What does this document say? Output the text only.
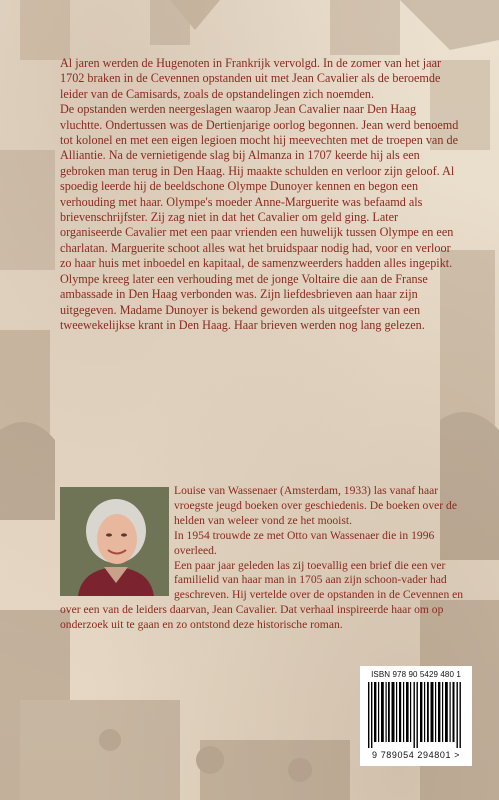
Al jaren werden de Hugenoten in Frankrijk vervolgd. In de zomer van het jaar 1702 braken in de Cevennen opstanden uit met Jean Cavalier als de beroemde leider van de Camisards, zoals de opstandelingen zich noemden.

De opstanden werden neergeslagen waarop Jean Cavalier naar Den Haag vluchtte. Ondertussen was de Dertienjarige oorlog begonnen. Jean werd benoemd tot kolonel en met een eigen legioen mocht hij meevechten met de troepen van de Alliantie. Na de vernietigende slag bij Almanza in 1707 keerde hij als een gebroken man terug in Den Haag. Hij maakte schulden en verloor zijn geloof. Al spoedig leerde hij de beeldschone Olympe Dunoyer kennen en begon een verhouding met haar. Olympe's moeder Anne-Marguerite was befaamd als brievenschrijfster. Zij zag niet in dat het Cavalier om geld ging. Later organiseerde Cavalier met een paar vrienden een huwelijk tussen Olympe en een charlatan. Marguerite schoot alles wat het bruidspaar nodig had, voor en verloor zo haar huis met inboedel en kapitaal, de samenzweerders hadden alles ingepikt. Olympe kreeg later een verhouding met de jonge Voltaire die aan de Franse ambassade in Den Haag verbonden was. Zijn liefdesbrieven aan haar zijn uitgegeven. Madame Dunoyer is bekend geworden als uitgeefster van een tweewekelijkse krant in Den Haag. Haar brieven werden nog lang gelezen.

Louise van Wassenaer (Amsterdam, 1933) las vanaf haar vroegste jeugd boeken over geschiedenis. De boeken over de helden van weleer vond ze het mooist.

In 1954 trouwde ze met Otto van Wassenaer die in 1996 overleed.

Een paar jaar geleden las zij toevallig een brief die een ver familielid van haar man in 1705 aan zijn schoon-vader had geschreven. Hij vertelde over de opstanden in de Cevennen en over een van de leiders daarvan, Jean Cavalier. Dat verhaal inspireerde haar om op onderzoek uit te gaan en zo ontstond deze historische roman.

ISBN 978 90 5429 480 1
9 789054 294801 >
